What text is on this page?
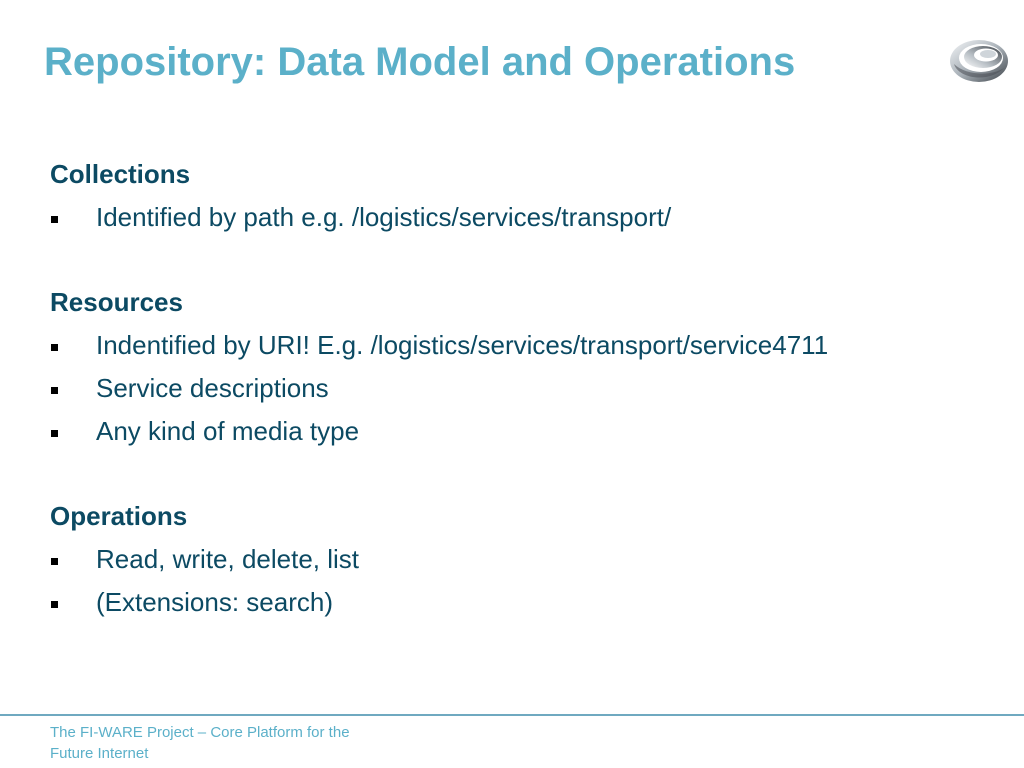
Repository: Data Model and Operations
Collections
Identified by path e.g. /logistics/services/transport/
Resources
Indentified by URI! E.g. /logistics/services/transport/service4711
Service descriptions
Any kind of media type
Operations
Read, write, delete, list
(Extensions: search)
The FI-WARE Project – Core Platform for the
Future Internet
